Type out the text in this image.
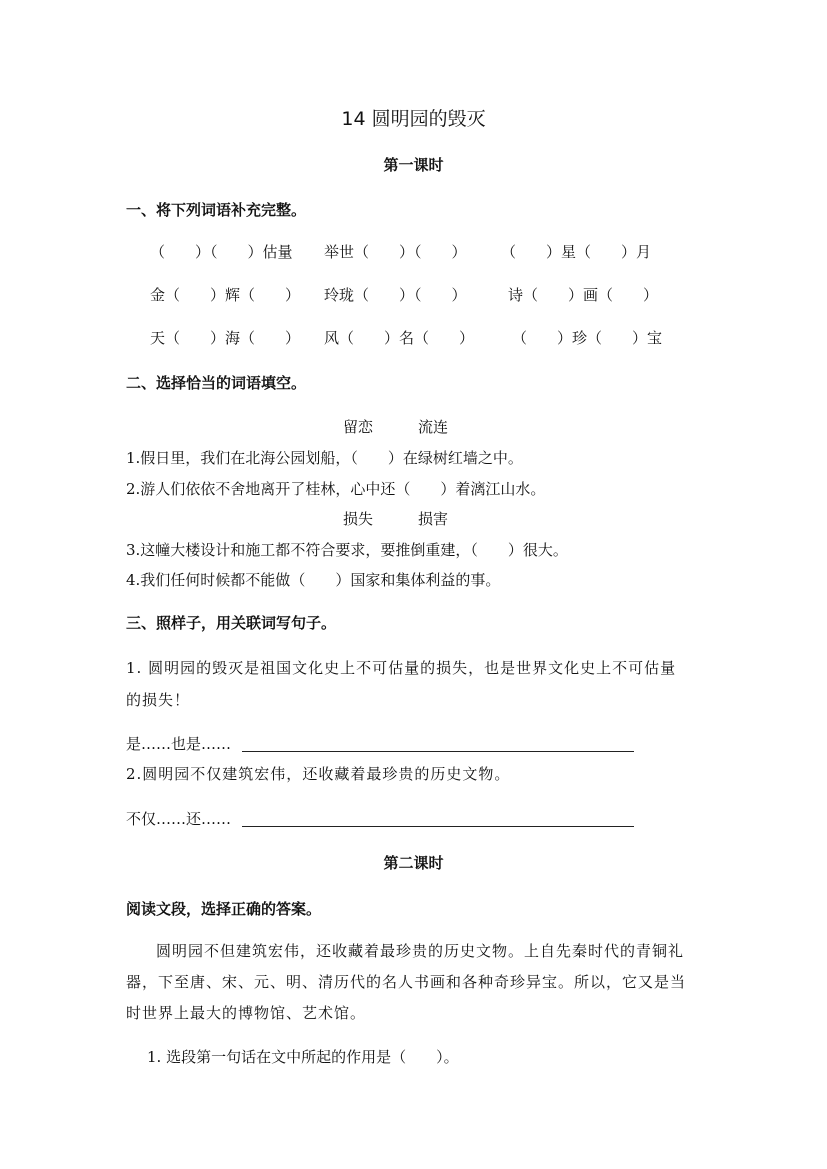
14 圆明园的毁灭
第一课时
一、将下列词语补充完整。
（　　）（　　）估量 举世（　　）（　　） （　　）星（　　）月
金（　　）辉（　　） 玲珑（　　）（　　）	诗（　　）画（　　）
天（　　）海（　　） 风（　　）名（　　）	（　　）珍（　　）宝
二、选择恰当的词语填空。
留恋	流连
1.假日里，我们在北海公园划船，（　　）在绿树红墙之中。
2.游人们依依不舍地离开了桂林，心中还（　　）着漓江山水。
损失	损害
3.这幢大楼设计和施工都不符合要求，要推倒重建，（　　）很大。
4.我们任何时候都不能做（　　）国家和集体利益的事。
三、照样子，用关联词写句子。
1. 圆明园的毁灭是祖国文化史上不可估量的损失，也是世界文化史上不可估量
的损失！
是……也是……
2.圆明园不仅建筑宏伟，还收藏着最珍贵的历史文物。
不仅……还……
第二课时
阅读文段，选择正确的答案。
圆明园不但建筑宏伟，还收藏着最珍贵的历史文物。上自先秦时代的青铜礼
器，下至唐、宋、元、明、清历代的名人书画和各种奇珍异宝。所以，它又是当
时世界上最大的博物馆、艺术馆。
1. 选段第一句话在文中所起的作用是（　　）。
